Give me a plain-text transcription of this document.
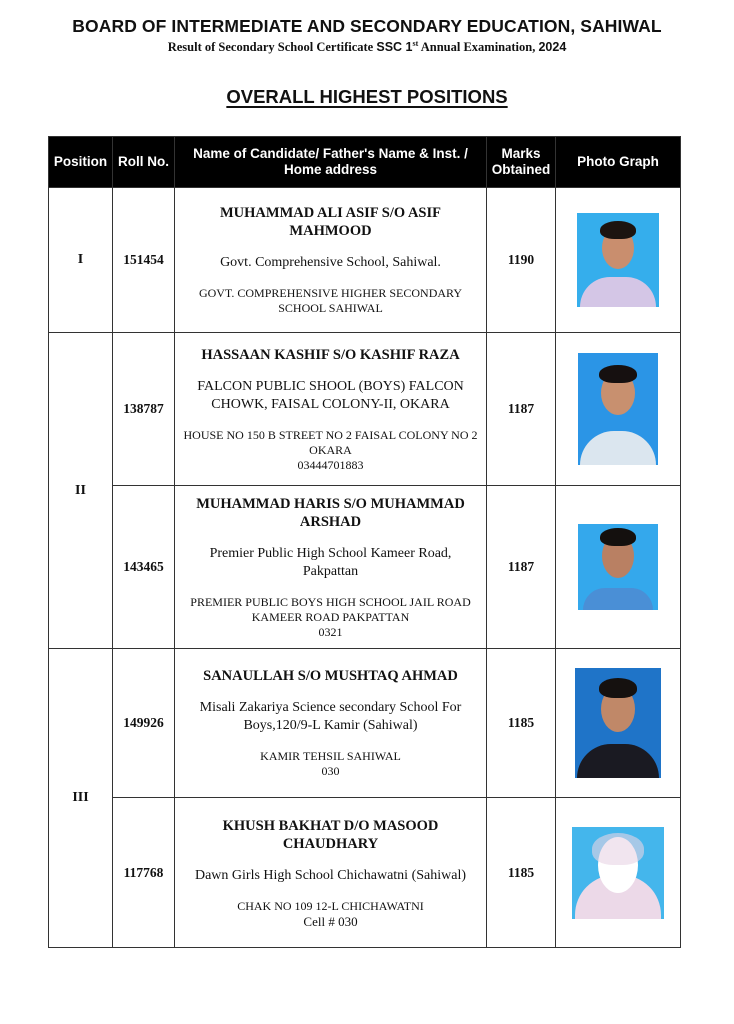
BOARD OF INTERMEDIATE AND SECONDARY EDUCATION, SAHIWAL
Result of Secondary School Certificate SSC 1st Annual Examination, 2024
OVERALL HIGHEST POSITIONS
Position	Roll No.	Name of Candidate/ Father's Name & Inst. / Home address	Marks Obtained	Photo Graph
I	151454	MUHAMMAD ALI ASIF S/O ASIF MAHMOOD
Govt. Comprehensive School, Sahiwal.
GOVT. COMPREHENSIVE HIGHER SECONDARY SCHOOL SAHIWAL	1190	

II	138787	HASSAAN KASHIF S/O KASHIF RAZA
FALCON PUBLIC SHOOL (BOYS) FALCON CHOWK, FAISAL COLONY-II, OKARA
HOUSE NO 150 B STREET NO 2 FAISAL COLONY NO 2 OKARA
03444701883	1187	

	143465	MUHAMMAD HARIS S/O MUHAMMAD ARSHAD
Premier Public High School Kameer Road, Pakpattan
PREMIER PUBLIC BOYS HIGH SCHOOL JAIL ROAD KAMEER ROAD PAKPATTAN
0321	1187	

III	149926	SANAULLAH S/O MUSHTAQ AHMAD
Misali Zakariya Science secondary School For Boys,120/9-L Kamir (Sahiwal)
KAMIR TEHSIL SAHIWAL
030	1185	

	117768	KHUSH BAKHAT D/O MASOOD CHAUDHARY
Dawn Girls High School Chichawatni (Sahiwal)
CHAK NO 109 12-L CHICHAWATNI
Cell # 030	1185	
